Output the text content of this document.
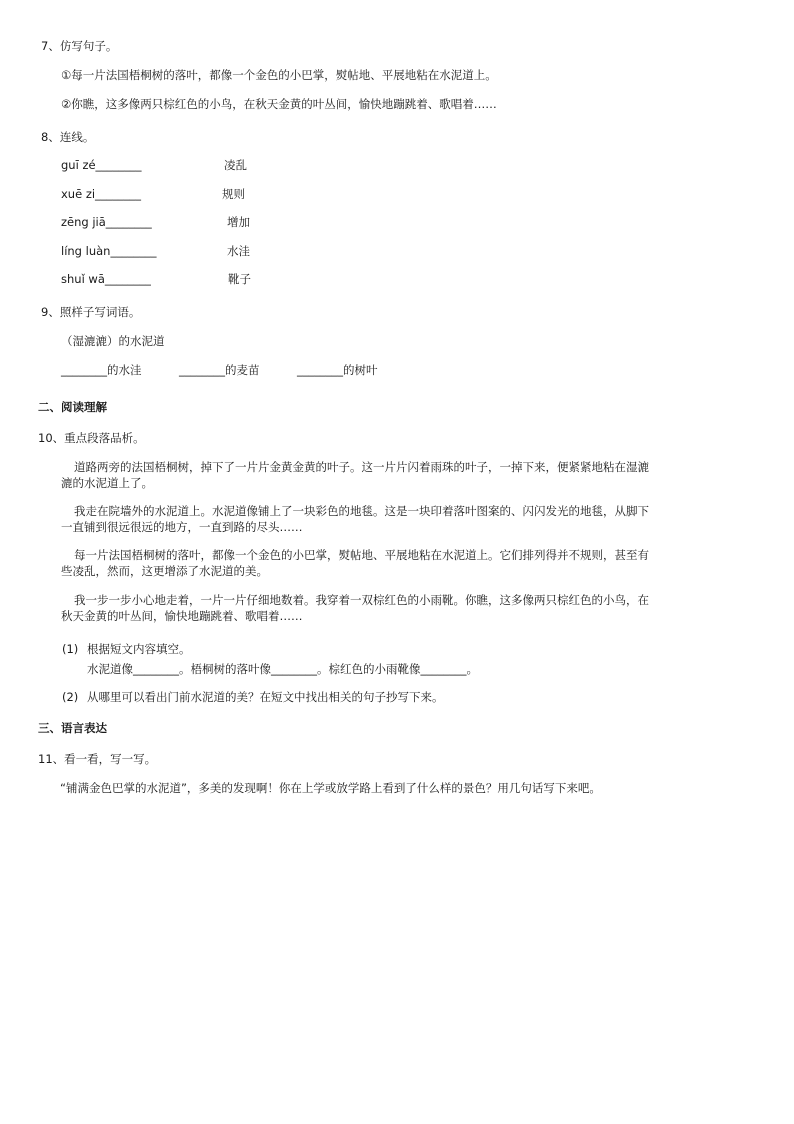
7、仿写句子。
①每一片法国梧桐树的落叶，都像一个金色的小巴掌，熨帖地、平展地粘在水泥道上。
②你瞧，这多像两只棕红色的小鸟，在秋天金黄的叶丛间，愉快地蹦跳着、歌唱着……
8、连线。
guī zé________	凌乱
xuē zi________	规则
zēng jiā________	增加
líng luàn________	水洼
shuǐ wā________	靴子
9、照样子写词语。
（湿漉漉）的水泥道
________的水洼	________的麦苗	________的树叶
二、阅读理解
10、重点段落品析。
道路两旁的法国梧桐树，掉下了一片片金黄金黄的叶子。这一片片闪着雨珠的叶子，一掉下来，便紧紧地粘在湿漉
漉的水泥道上了。
我走在院墙外的水泥道上。水泥道像铺上了一块彩色的地毯。这是一块印着落叶图案的、闪闪发光的地毯，从脚下
一直铺到很远很远的地方，一直到路的尽头……
每一片法国梧桐树的落叶，都像一个金色的小巴掌，熨帖地、平展地粘在水泥道上。它们排列得并不规则，甚至有
些凌乱，然而，这更增添了水泥道的美。
我一步一步小心地走着，一片一片仔细地数着。我穿着一双棕红色的小雨靴。你瞧，这多像两只棕红色的小鸟，在
秋天金黄的叶丛间，愉快地蹦跳着、歌唱着……
(1) 根据短文内容填空。
水泥道像________。梧桐树的落叶像________。棕红色的小雨靴像________。
(2) 从哪里可以看出门前水泥道的美？在短文中找出相关的句子抄写下来。
三、语言表达
11、看一看，写一写。
“铺满金色巴掌的水泥道”，多美的发现啊！你在上学或放学路上看到了什么样的景色？用几句话写下来吧。
